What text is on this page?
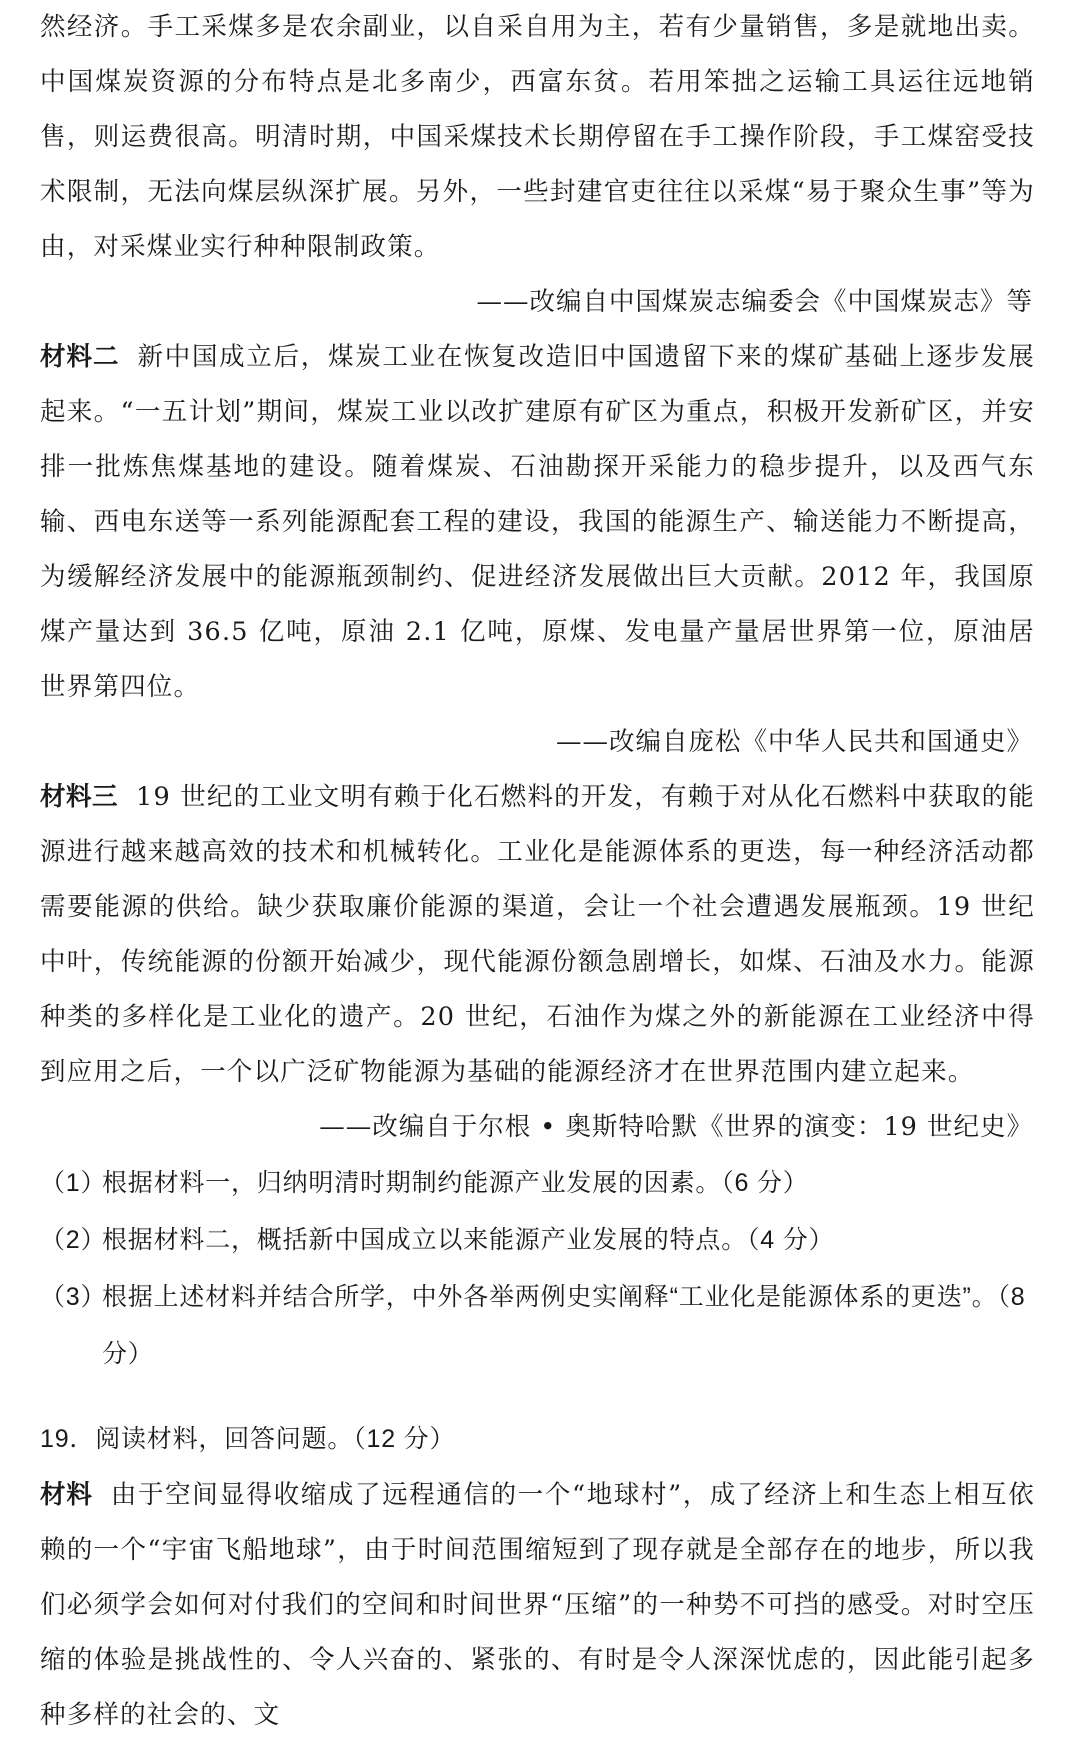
然经济。手工采煤多是农余副业，以自采自用为主，若有少量销售，多是就地出卖。中国煤炭资源的分布特点是北多南少，西富东贫。若用笨拙之运输工具运往远地销售，则运费很高。明清时期，中国采煤技术长期停留在手工操作阶段，手工煤窑受技术限制，无法向煤层纵深扩展。另外，一些封建官吏往往以采煤“易于聚众生事”等为由，对采煤业实行种种限制政策。

——改编自中国煤炭志编委会《中国煤炭志》等

材料二 新中国成立后，煤炭工业在恢复改造旧中国遗留下来的煤矿基础上逐步发展起来。“一五计划”期间，煤炭工业以改扩建原有矿区为重点，积极开发新矿区，并安排一批炼焦煤基地的建设。随着煤炭、石油勘探开采能力的稳步提升，以及西气东输、西电东送等一系列能源配套工程的建设，我国的能源生产、输送能力不断提高，为缓解经济发展中的能源瓶颈制约、促进经济发展做出巨大贡献。2012 年，我国原煤产量达到 36.5 亿吨，原油 2.1 亿吨，原煤、发电量产量居世界第一位，原油居世界第四位。

——改编自庞松《中华人民共和国通史》

材料三 19 世纪的工业文明有赖于化石燃料的开发，有赖于对从化石燃料中获取的能源进行越来越高效的技术和机械转化。工业化是能源体系的更迭，每一种经济活动都需要能源的供给。缺少获取廉价能源的渠道，会让一个社会遭遇发展瓶颈。19 世纪中叶，传统能源的份额开始减少，现代能源份额急剧增长，如煤、石油及水力。能源种类的多样化是工业化的遗产。20 世纪，石油作为煤之外的新能源在工业经济中得到应用之后，一个以广泛矿物能源为基础的能源经济才在世界范围内建立起来。

——改编自于尔根 • 奥斯特哈默《世界的演变：19 世纪史》

（1）根据材料一，归纳明清时期制约能源产业发展的因素。（6 分）

（2）根据材料二，概括新中国成立以来能源产业发展的特点。（4 分）

（3）根据上述材料并结合所学，中外各举两例史实阐释“工业化是能源体系的更迭”。（8 分）

19．阅读材料，回答问题。（12 分）

材料 由于空间显得收缩成了远程通信的一个“地球村”，成了经济上和生态上相互依赖的一个“宇宙飞船地球”，由于时间范围缩短到了现存就是全部存在的地步，所以我们必须学会如何对付我们的空间和时间世界“压缩”的一种势不可挡的感受。对时空压缩的体验是挑战性的、令人兴奋的、紧张的、有时是令人深深忧虑的，因此能引起多种多样的社会的、文
